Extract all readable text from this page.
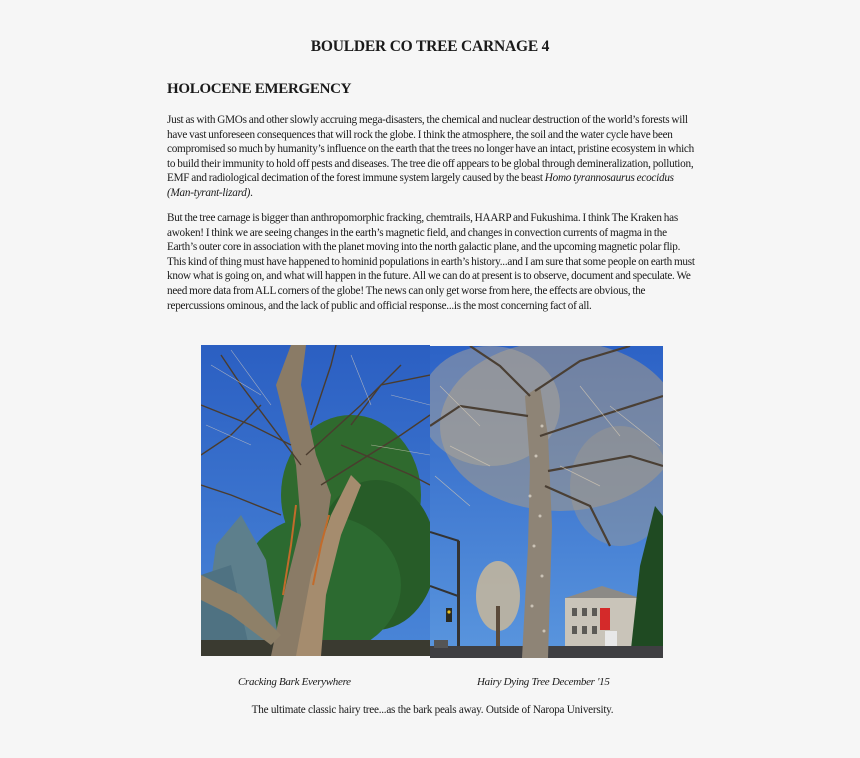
BOULDER CO TREE CARNAGE 4
HOLOCENE EMERGENCY
Just as with GMOs and other slowly accruing mega-disasters, the chemical and nuclear destruction of the world’s forests will have vast unforeseen consequences that will rock the globe. I think the atmosphere, the soil and the water cycle have been compromised so much by humanity’s influence on the earth that the trees no longer have an intact, pristine ecosystem in which to build their immunity to hold off pests and diseases. The tree die off appears to be global through demineralization, pollution, EMF and radiological decimation of the forest immune system largely caused by the beast Homo tyrannosaurus ecocidus (Man-tyrant-lizard).
But the tree carnage is bigger than anthropomorphic fracking, chemtrails, HAARP and Fukushima. I think The Kraken has awoken! I think we are seeing changes in the earth’s magnetic field, and changes in convection currents of magma in the Earth’s outer core in association with the planet moving into the north galactic plane, and the upcoming magnetic polar flip. This kind of thing must have happened to hominid populations in earth’s history...and I am sure that some people on earth must know what is going on, and what will happen in the future. All we can do at present is to observe, document and speculate. We need more data from ALL corners of the globe! The news can only get worse from here, the effects are obvious, the repercussions ominous, and the lack of public and official response...is the most concerning fact of all.
Cracking Bark Everywhere	Hairy Dying Tree December '15
The ultimate classic hairy tree...as the bark peals away. Outside of Naropa University.
